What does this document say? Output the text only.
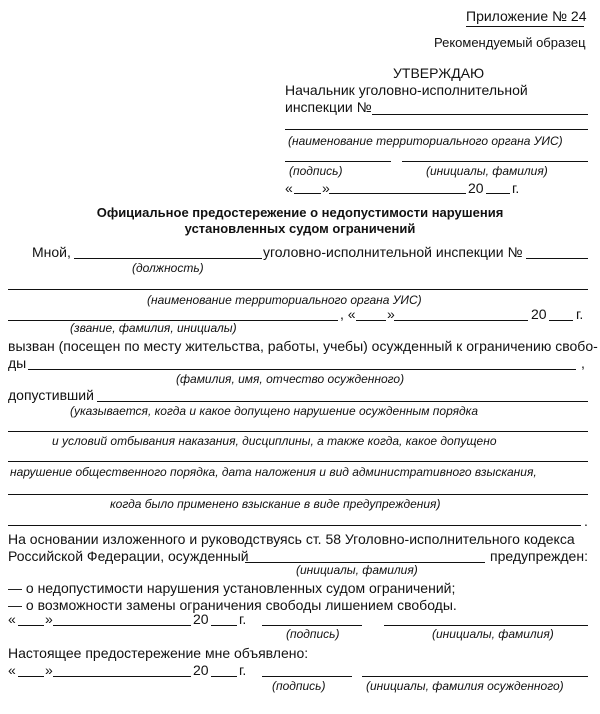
Приложение № 24
Рекомендуемый образец
УТВЕРЖДАЮ
Начальник уголовно-исполнительной
инспекции №
(наименование территориального органа УИС)
(подпись)	(инициалы, фамилия)
« »	20 г.
Официальное предостережение о недопустимости нарушения
установленных судом ограничений
Мной,	уголовно-исполнительной инспекции №
(должность)
(наименование территориального органа УИС)
, « »	20 г.
(звание, фамилия, инициалы)
вызван (посещен по месту жительства, работы, учебы) осужденный к ограничению свобо-
ды	,
(фамилия, имя, отчество осужденного)
допустивший
(указывается, когда и какое допущено нарушение осужденным порядка
и условий отбывания наказания, дисциплины, а также когда, какое допущено
нарушение общественного порядка, дата наложения и вид административного взыскания,
когда было применено взыскание в виде предупреждения)
.
На основании изложенного и руководствуясь ст. 58 Уголовно-исполнительного кодекса
Российской Федерации, осужденный	предупрежден:
(инициалы, фамилия)
— о недопустимости нарушения установленных судом ограничений;
— о возможности замены ограничения свободы лишением свободы.
« »	20 г.
(подпись)	(инициалы, фамилия)
Настоящее предостережение мне объявлено:
« »	20 г.
(подпись)	(инициалы, фамилия осужденного)
